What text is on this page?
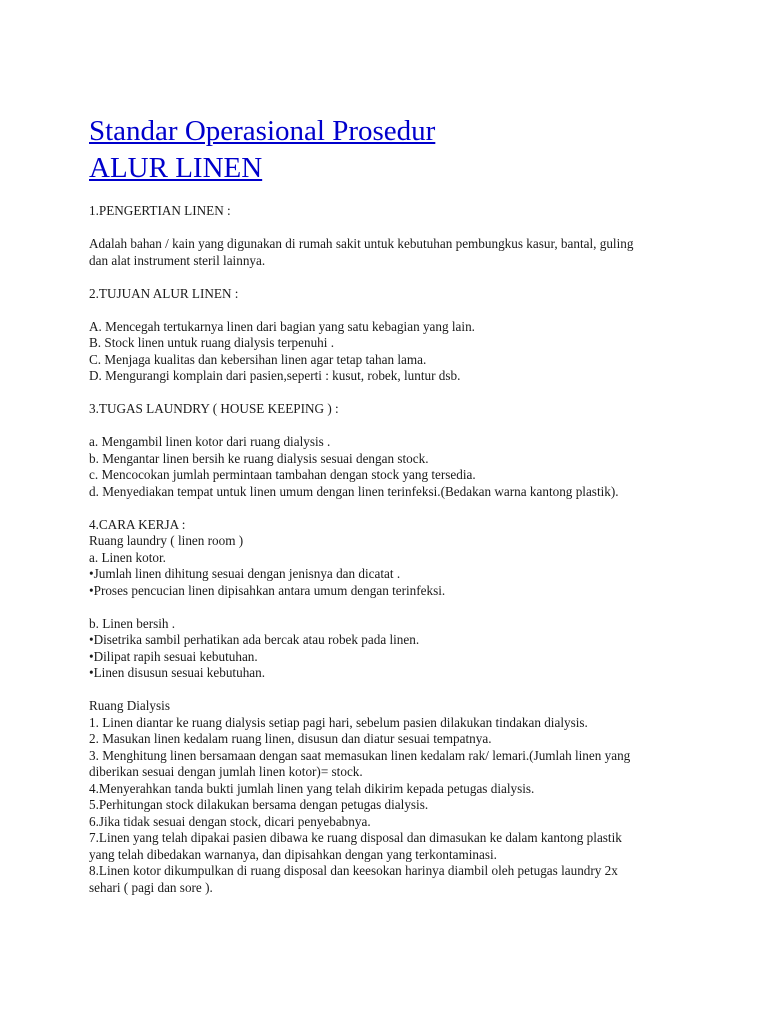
Standar Operasional Prosedur
ALUR LINEN
1.PENGERTIAN LINEN :
Adalah bahan / kain yang digunakan di rumah sakit untuk kebutuhan pembungkus kasur, bantal, guling
dan alat instrument steril lainnya.
2.TUJUAN ALUR LINEN :
A. Mencegah tertukarnya linen dari bagian yang satu kebagian yang lain.
B. Stock linen untuk ruang dialysis terpenuhi .
C. Menjaga kualitas dan kebersihan linen agar tetap tahan lama.
D. Mengurangi komplain dari pasien,seperti : kusut, robek, luntur dsb.
3.TUGAS LAUNDRY ( HOUSE KEEPING ) :
a. Mengambil linen kotor dari ruang dialysis .
b. Mengantar linen bersih ke ruang dialysis sesuai dengan stock.
c. Mencocokan jumlah permintaan tambahan dengan stock yang tersedia.
d. Menyediakan tempat untuk linen umum dengan linen terinfeksi.(Bedakan warna kantong plastik).
4.CARA KERJA :
Ruang laundry ( linen room )
a. Linen kotor.
•Jumlah linen dihitung sesuai dengan jenisnya dan dicatat .
•Proses pencucian linen dipisahkan antara umum dengan terinfeksi.
b. Linen bersih .
•Disetrika sambil perhatikan ada bercak atau robek pada linen.
•Dilipat rapih sesuai kebutuhan.
•Linen disusun sesuai kebutuhan.
Ruang Dialysis
1. Linen diantar ke ruang dialysis setiap pagi hari, sebelum pasien dilakukan tindakan dialysis.
2. Masukan linen kedalam ruang linen, disusun dan diatur sesuai tempatnya.
3. Menghitung linen bersamaan dengan saat memasukan linen kedalam rak/ lemari.(Jumlah linen yang
diberikan sesuai dengan jumlah linen kotor)= stock.
4.Menyerahkan tanda bukti jumlah linen yang telah dikirim kepada petugas dialysis.
5.Perhitungan stock dilakukan bersama dengan petugas dialysis.
6.Jika tidak sesuai dengan stock, dicari penyebabnya.
7.Linen yang telah dipakai pasien dibawa ke ruang disposal dan dimasukan ke dalam kantong plastik
yang telah dibedakan warnanya, dan dipisahkan dengan yang terkontaminasi.
8.Linen kotor dikumpulkan di ruang disposal dan keesokan harinya diambil oleh petugas laundry 2x
sehari ( pagi dan sore ).
